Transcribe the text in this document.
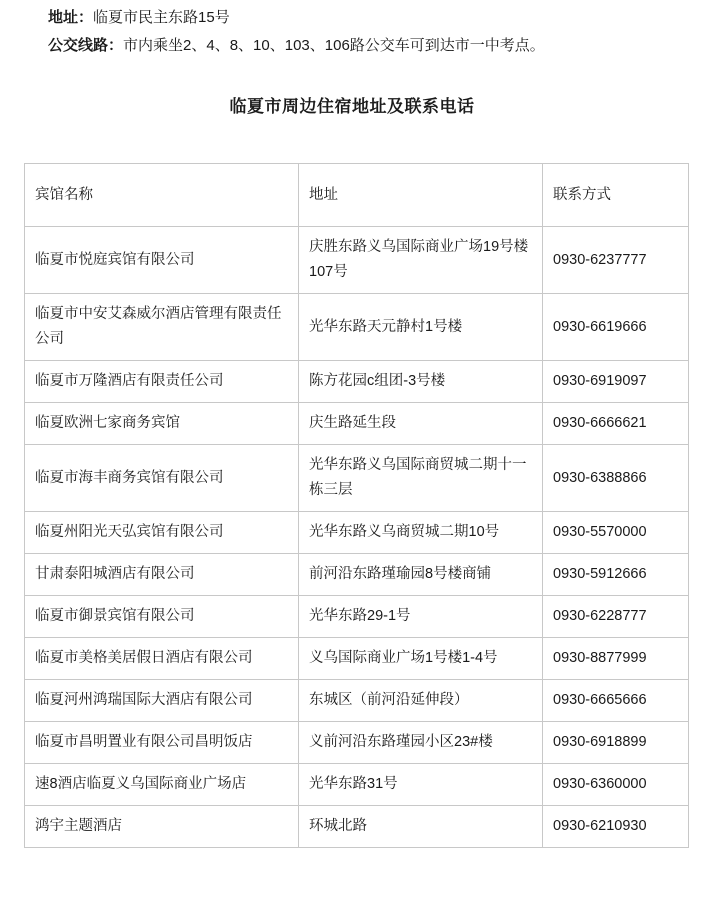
地址：临夏市民主东路15号
公交线路：市内乘坐2、4、8、10、103、106路公交车可到达市一中考点。
临夏市周边住宿地址及联系电话
宾馆名称	地址	联系方式
临夏市悦庭宾馆有限公司	庆胜东路义乌国际商业广场19号楼107号	0930-6237777
临夏市中安艾森威尔酒店管理有限责任公司	光华东路天元静村1号楼	0930-6619666
临夏市万隆酒店有限责任公司	陈方花园c组团-3号楼	0930-6919097
临夏欧洲七家商务宾馆	庆生路延生段	0930-6666621
临夏市海丰商务宾馆有限公司	光华东路义乌国际商贸城二期十一栋三层	0930-6388866
临夏州阳光天弘宾馆有限公司	光华东路义乌商贸城二期10号	0930-5570000
甘肃泰阳城酒店有限公司	前河沿东路瑾瑜园8号楼商铺	0930-5912666
临夏市御景宾馆有限公司	光华东路29-1号	0930-6228777
临夏市美格美居假日酒店有限公司	义乌国际商业广场1号楼1-4号	0930-8877999
临夏河州鸿瑞国际大酒店有限公司	东城区（前河沿延伸段）	0930-6665666
临夏市昌明置业有限公司昌明饭店	义前河沿东路瑾园小区23#楼	0930-6918899
速8酒店临夏义乌国际商业广场店	光华东路31号	0930-6360000
鸿宇主题酒店	环城北路	0930-6210930
